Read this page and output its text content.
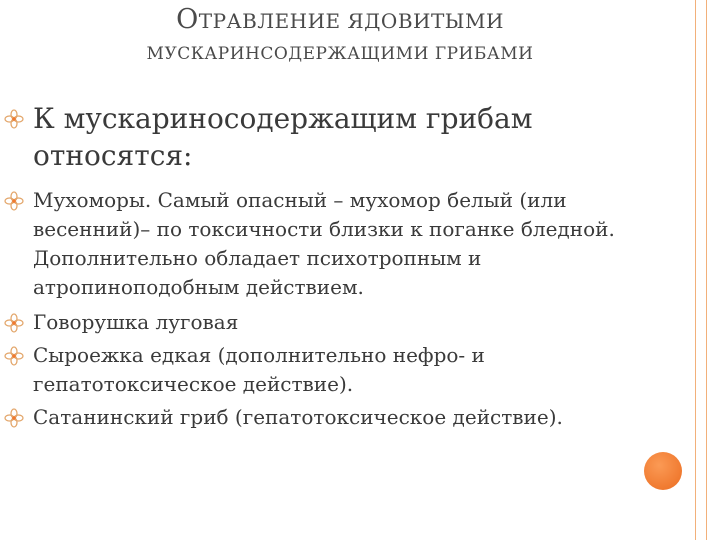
ОТРАВЛЕНИЕ ЯДОВИТЫМИ
МУСКАРИНСОДЕРЖАЩИМИ ГРИБАМИ
К мускариносодержащим грибам
относятся:
Мухоморы. Самый опасный – мухомор белый (или
весенний)– по токсичности близки к поганке бледной.
Дополнительно обладает психотропным и
атропиноподобным действием.
Говорушка луговая
Сыроежка едкая (дополнительно нефро- и
гепатотоксическое действие).
Сатанинский гриб (гепатотоксическое действие).
